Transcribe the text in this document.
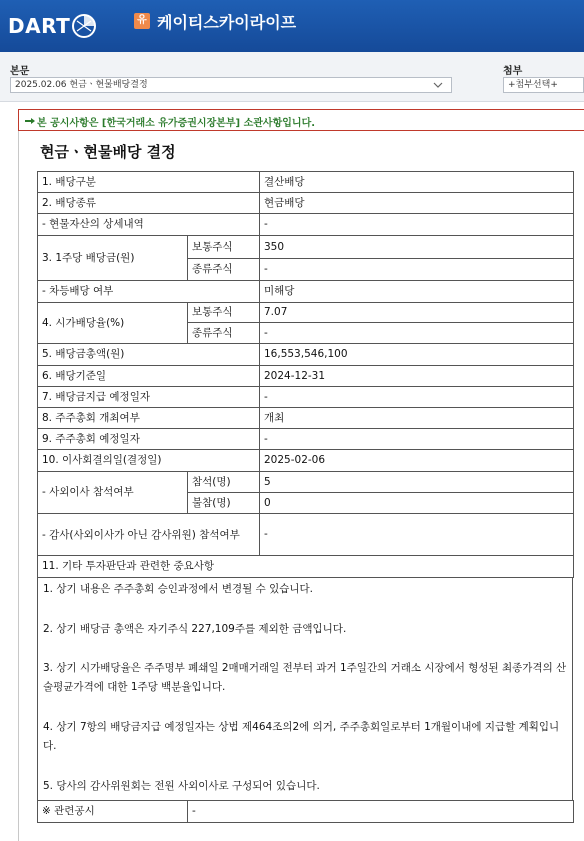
DART	유 케이티스카이라이프
본문
2025.02.06 현금ㆍ현물배당결정
첨부
+첨부선택+
본 공시사항은 [한국거래소 유가증권시장본부] 소관사항입니다.
현금ㆍ현물배당 결정
1. 배당구분		결산배당
2. 배당종류		현금배당
- 현물자산의 상세내역		-
3. 1주당 배당금(원)	보통주식	350
	종류주식	-
- 차등배당 여부		미해당
4. 시가배당율(%)	보통주식	7.07
	종류주식	-
5. 배당금총액(원)		16,553,546,100
6. 배당기준일		2024-12-31
7. 배당금지급 예정일자		-
8. 주주총회 개최여부		개최
9. 주주총회 예정일자		-
10. 이사회결의일(결정일)		2025-02-06
- 사외이사 참석여부	참석(명)	5
	불참(명)	0
- 감사(사외이사가 아닌 감사위원) 참석여부		-
11. 기타 투자판단과 관련한 중요사항		
1. 상기 내용은 주주총회 승인과정에서 변경될 수 있습니다.
2. 상기 배당금 총액은 자기주식 227,109주를 제외한 금액입니다.
3. 상기 시가배당율은 주주명부 폐쇄일 2매매거래일 전부터 과거 1주일간의 거래소 시장에서 형성된 최종가격의 산술평균가격에 대한 1주당 백분율입니다.
4. 상기 7항의 배당금지급 예정일자는 상법 제464조의2에 의거, 주주총회일로부터 1개월이내에 지급할 계획입니다.
5. 당사의 감사위원회는 전원 사외이사로 구성되어 있습니다.
※ 관련공시	-
